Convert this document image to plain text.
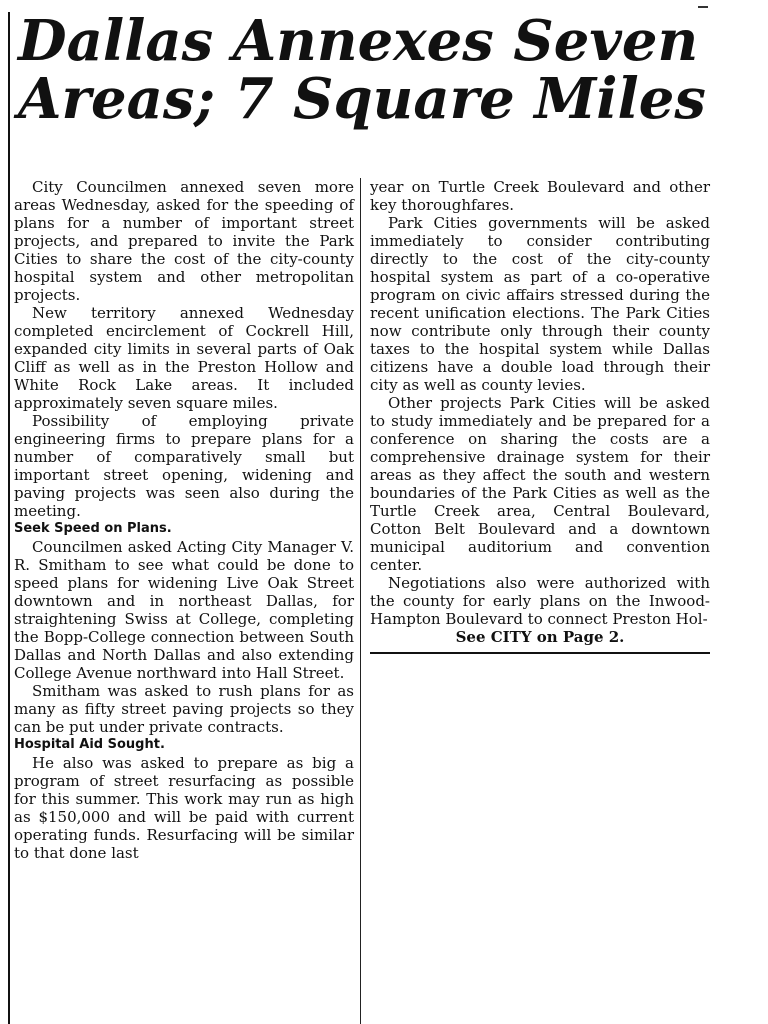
Dallas Annexes Seven
Areas; 7 Square Miles

City Councilmen annexed seven more areas Wednesday, asked for the speeding of plans for a number of important street projects, and prepared to invite the Park Cities to share the cost of the city-county hospital system and other metropolitan projects.

New territory annexed Wednesday completed encirclement of Cockrell Hill, expanded city limits in several parts of Oak Cliff as well as in the Preston Hollow and White Rock Lake areas. It included approximately seven square miles.

Possibility of employing private engineering firms to prepare plans for a number of comparatively small but important street opening, widening and paving projects was seen also during the meeting.

Seek Speed on Plans.

Councilmen asked Acting City Manager V. R. Smitham to see what could be done to speed plans for widening Live Oak Street downtown and in northeast Dallas, for straightening Swiss at College, completing the Bopp-College connection between South Dallas and North Dallas and also extending College Avenue northward into Hall Street.

Smitham was asked to rush plans for as many as fifty street paving projects so they can be put under private contracts.

Hospital Aid Sought.

He also was asked to prepare as big a program of street resurfacing as possible for this summer. This work may run as high as $150,000 and will be paid with current operating funds. Resurfacing will be similar to that done last

year on Turtle Creek Boulevard and other key thoroughfares.

Park Cities governments will be asked immediately to consider contributing directly to the cost of the city-county hospital system as part of a co-operative program on civic affairs stressed during the recent unification elections. The Park Cities now contribute only through their county taxes to the hospital system while Dallas citizens have a double load through their city as well as county levies.

Other projects Park Cities will be asked to study immediately and be prepared for a conference on sharing the costs are a comprehensive drainage system for their areas as they affect the south and western boundaries of the Park Cities as well as the Turtle Creek area, Central Boulevard, Cotton Belt Boulevard and a downtown municipal auditorium and convention center.

Negotiations also were authorized with the county for early plans on the Inwood-Hampton Boulevard to connect Preston Hol-

See CITY on Page 2.
